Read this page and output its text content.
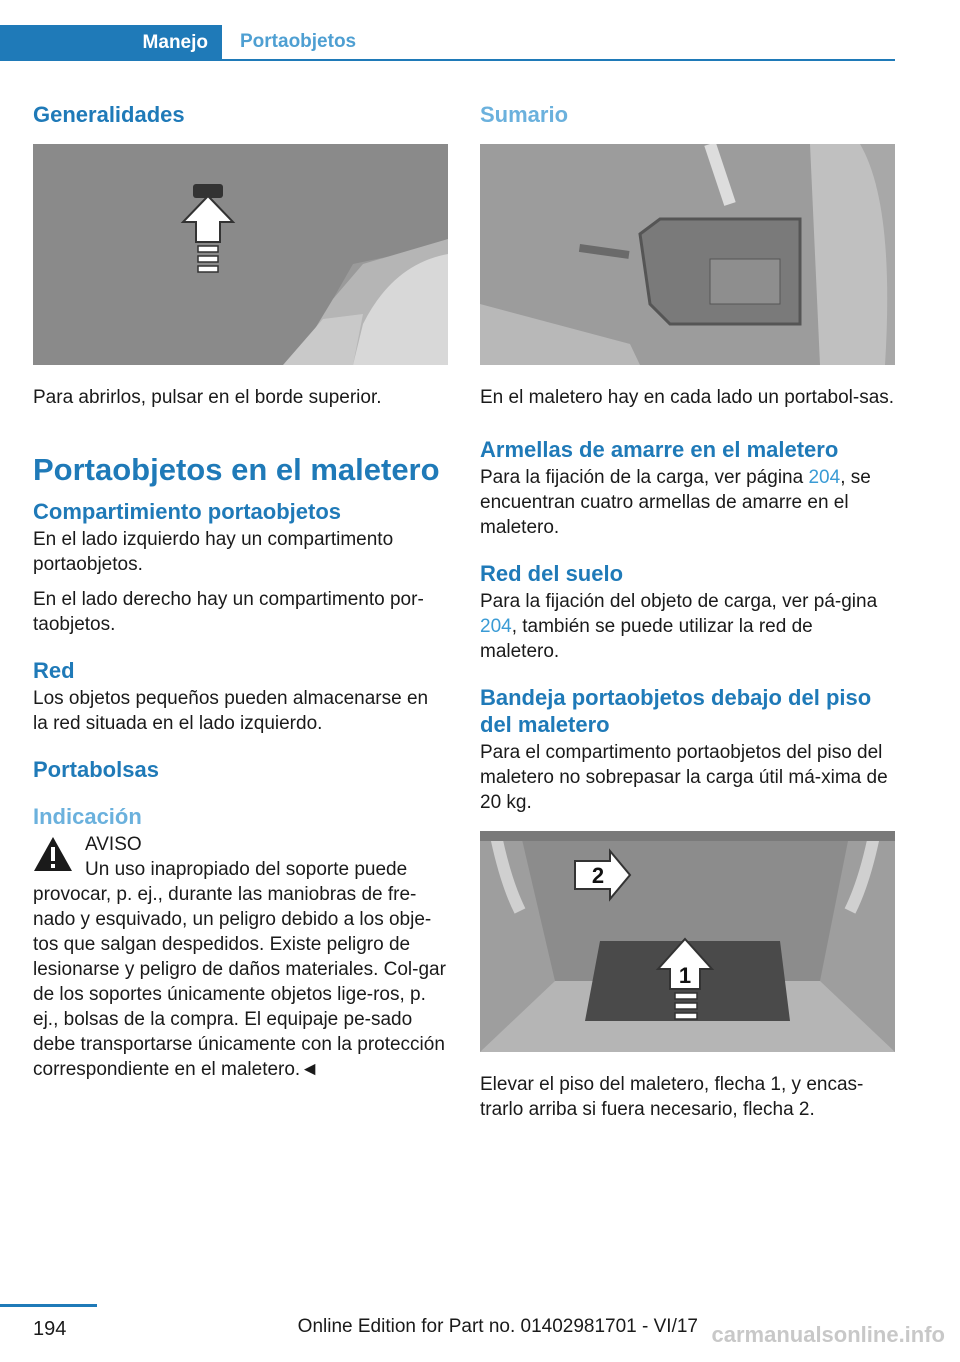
Manejo Portaobjetos
Generalidades

Para abrirlos, pulsar en el borde superior.

Portaobjetos en el maletero
Compartimiento portaobjetos

En el lado izquierdo hay un compartimento portaobjetos.

En el lado derecho hay un compartimento por‐taobjetos.

Red

Los objetos pequeños pueden almacenarse en la red situada en el lado izquierdo.

Portabolsas
Indicación
AVISO
Un uso inapropiado del soporte puede provocar, p. ej., durante las maniobras de fre‐nado y esquivado, un peligro debido a los obje‐tos que salgan despedidos. Existe peligro de lesionarse y peligro de daños materiales. Col‐gar de los soportes únicamente objetos lige‐ros, p. ej., bolsas de la compra. El equipaje pe‐sado debe transportarse únicamente con la protección correspondiente en el maletero.◄
Sumario

En el maletero hay en cada lado un portabol‐sas.

Armellas de amarre en el maletero

Para la fijación de la carga, ver página 204, se encuentran cuatro armellas de amarre en el maletero.

Red del suelo

Para la fijación del objeto de carga, ver pá‐gina 204, también se puede utilizar la red de maletero.

Bandeja portaobjetos debajo del piso del maletero

Para el compartimento portaobjetos del piso del maletero no sobrepasar la carga útil má‐xima de 20 kg.

2
1

Elevar el piso del maletero, flecha 1, y encas‐trarlo arriba si fuera necesario, flecha 2.

194	Online Edition for Part no. 01402981701 - VI/17 carmanualsonline.info
